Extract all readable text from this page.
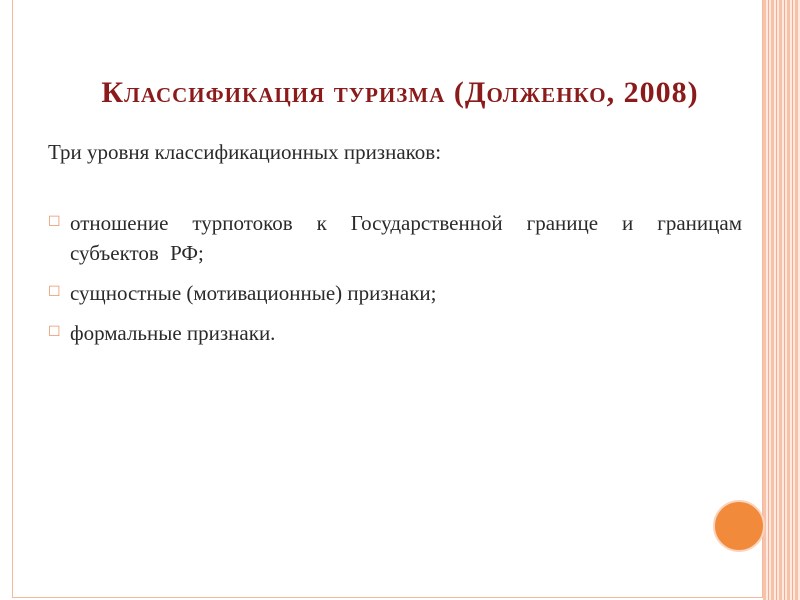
Классификация туризма (Долженко, 2008)
Три уровня классификационных признаков:
☐ отношение турпотоков к Государственной границе и границам субъектов РФ;
☐ сущностные (мотивационные) признаки;
☐ формальные признаки.
